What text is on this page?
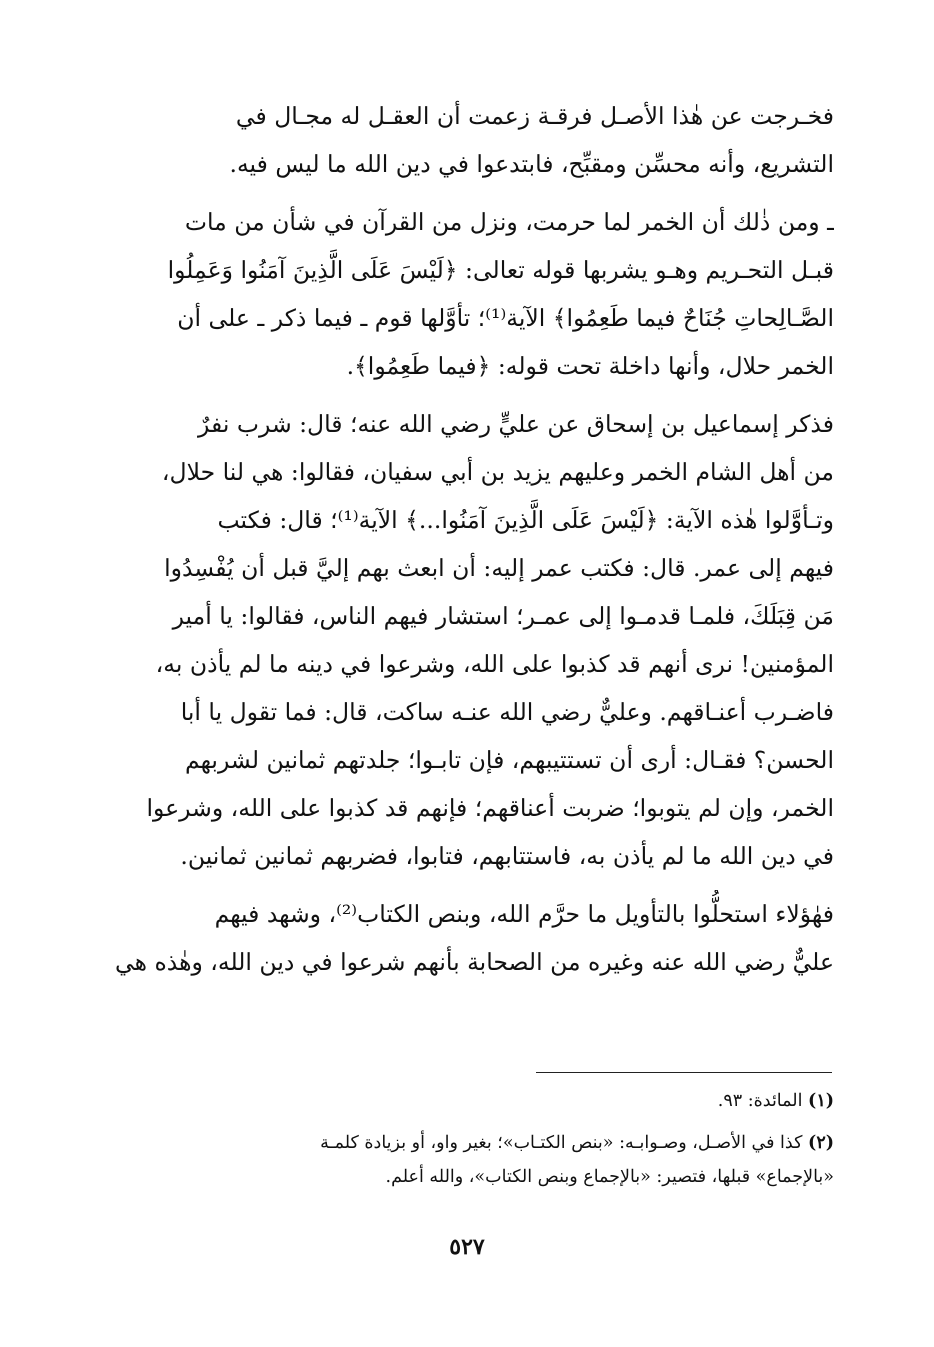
فخـرجت عن هٰذا الأصـل فرقـة زعمت أن العقـل له مجـال في
التشريع، وأنه محسِّن ومقبِّح، فابتدعوا في دين الله ما ليس فيه.

ـ ومن ذٰلك أن الخمر لما حرمت، ونزل من القرآن في شأن من مات
قبـل التحـريم وهـو يشربها قوله تعالى: ﴿لَيْسَ عَلَى الَّذِينَ آمَنُوا وَعَمِلُوا
الصَّـالِحاتِ جُنَاحٌ فيما طَعِمُوا﴾ الآية⁽¹⁾؛ تأوَّلها قوم ـ فيما ذكر ـ على أن
الخمر حلال، وأنها داخلة تحت قوله: ﴿فيما طَعِمُوا﴾.

فذكر إسماعيل بن إسحاق عن عليٍّ رضي الله عنه؛ قال: شرب نفرٌ
من أهل الشام الخمر وعليهم يزيد بن أبي سفيان، فقالوا: هي لنا حلال،
وتـأوَّلوا هٰذه الآية: ﴿لَيْسَ عَلَى الَّذِينَ آمَنُوا...﴾ الآية⁽¹⁾؛ قال: فكتب
فيهم إلى عمر. قال: فكتب عمر إليه: أن ابعث بهم إليَّ قبل أن يُفْسِدُوا
مَن قِبَلَكَ، فلمـا قدمـوا إلى عمـر؛ استشار فيهم الناس، فقالوا: يا أمير
المؤمنين! نرى أنهم قد كذبوا على الله، وشرعوا في دينه ما لم يأذن به،
فاضـرب أعنـاقهم. وعليٌّ رضي الله عنـه ساكت، قال: فما تقول يا أبا
الحسن؟ فقـال: أرى أن تستتيبهم، فإن تابـوا؛ جلدتهم ثمانين لشربهم
الخمر، وإن لم يتوبوا؛ ضربت أعناقهم؛ فإنهم قد كذبوا على الله، وشرعوا
في دين الله ما لم يأذن به، فاستتابهم، فتابوا، فضربهم ثمانين ثمانين.

فهٰؤلاء استحلُّوا بالتأويل ما حرَّم الله، وبنص الكتاب⁽²⁾، وشهد فيهم
عليٌّ رضي الله عنه وغيره من الصحابة بأنهم شرعوا في دين الله، وهٰذه هي

(١) المائدة: ٩٣.

(٢) كذا في الأصـل، وصـوابـه: «بنص الكتـاب»؛ بغير واو، أو بزيادة كلمـة
«بالإجماع» قبلها، فتصير: «بالإجماع وبنص الكتاب»، والله أعلم.

٥٢٧
